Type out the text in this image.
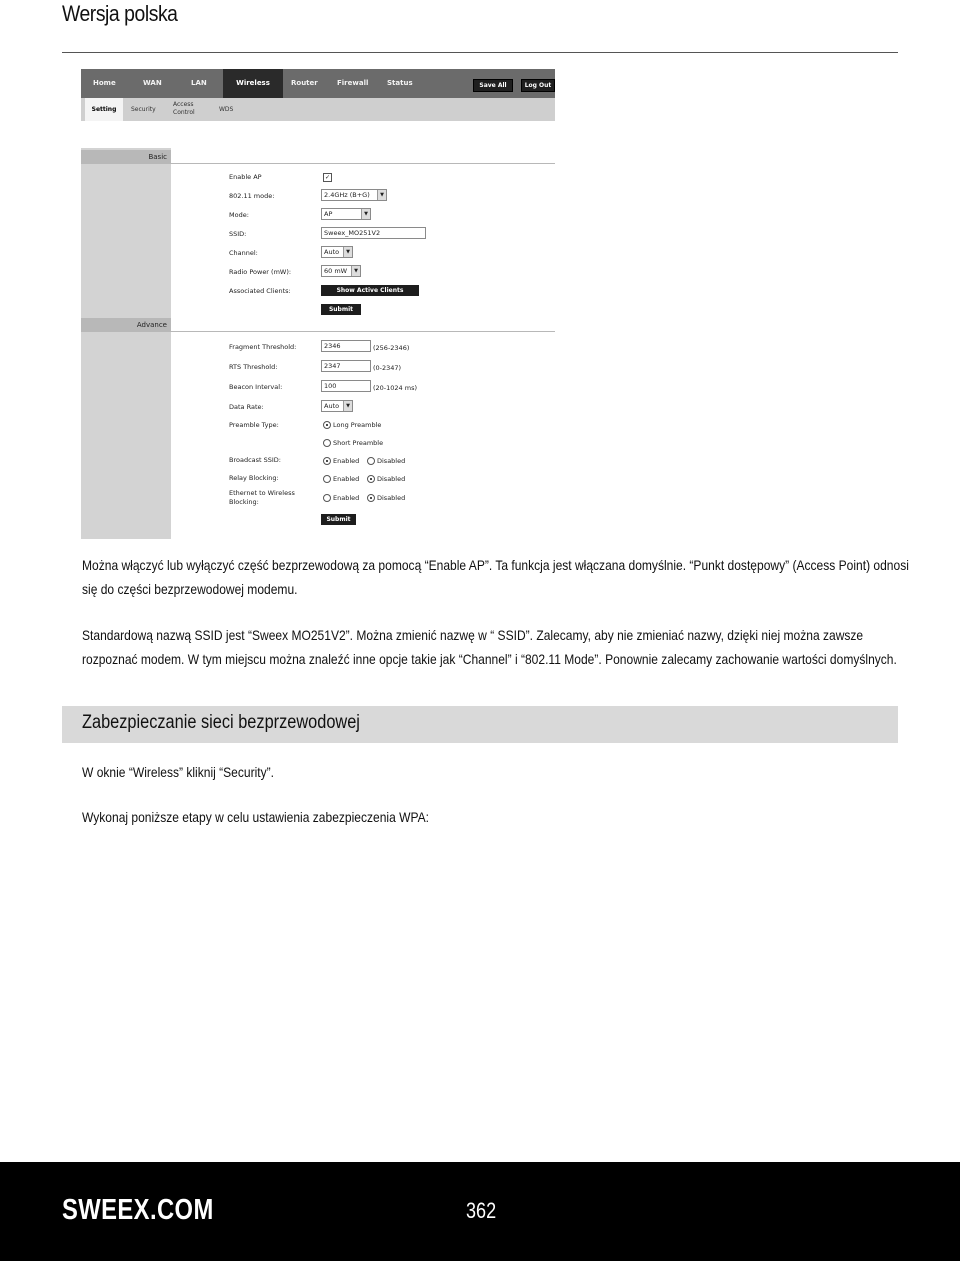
Wersja polska
Home	WAN	LAN	Wireless	Router	Firewall	Status	Save All	Log Out
Setting	Security
Access
Control	WDS
Basic
Enable AP	✓
802.11 mode:	2.4GHz (B+G)	▼
Mode:	AP	▼
SSID:	Sweex_MO251V2
Channel:	Auto	▼
Radio Power (mW):	60 mW	▼
Associated Clients:	Show Active Clients
Submit
Advance
Fragment Threshold:	2346	(256-2346)
RTS Threshold:	2347	(0-2347)
Beacon Interval:	100	(20-1024 ms)
Data Rate:	Auto	▼
Preamble Type:	Long Preamble
Short Preamble
Broadcast SSID:	Enabled	Disabled
Relay Blocking:	Enabled	Disabled
Ethernet to Wireless
Blocking:	Enabled	Disabled
Submit
Można włączyć lub wyłączyć część bezprzewodową za pomocą “Enable AP”. Ta funkcja jest włączana domyślnie. “Punkt dostępowy” (Access Point) odnosi
się do części bezprzewodowej modemu.
Standardową nazwą SSID jest “Sweex MO251V2”. Można zmienić nazwę w “ SSID”. Zalecamy, aby nie zmieniać nazwy, dzięki niej można zawsze
rozpoznać modem. W tym miejscu można znaleźć inne opcje takie jak “Channel” i “802.11 Mode”. Ponownie zalecamy zachowanie wartości domyślnych.
Zabezpieczanie sieci bezprzewodowej
W oknie “Wireless” kliknij “Security”.
Wykonaj poniższe etapy w celu ustawienia zabezpieczenia WPA:
SWEEX.COM	362
